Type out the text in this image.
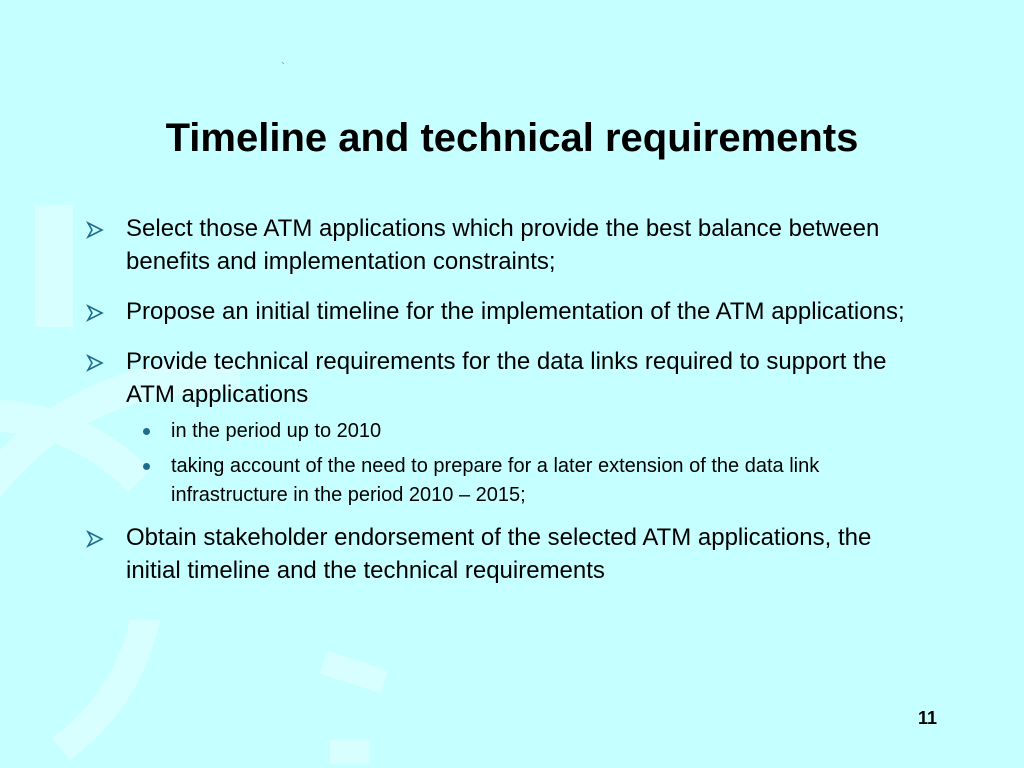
`
Timeline and technical requirements
Select those ATM applications which provide the best balance between benefits and implementation constraints;
Propose an initial timeline for the implementation of the ATM applications;
Provide technical requirements for the data links required to support the ATM applications
in the period up to 2010
taking account of the need to prepare for a later extension of the data link infrastructure in the period 2010 – 2015;
Obtain stakeholder endorsement of the selected ATM applications, the initial timeline and the technical requirements
11
